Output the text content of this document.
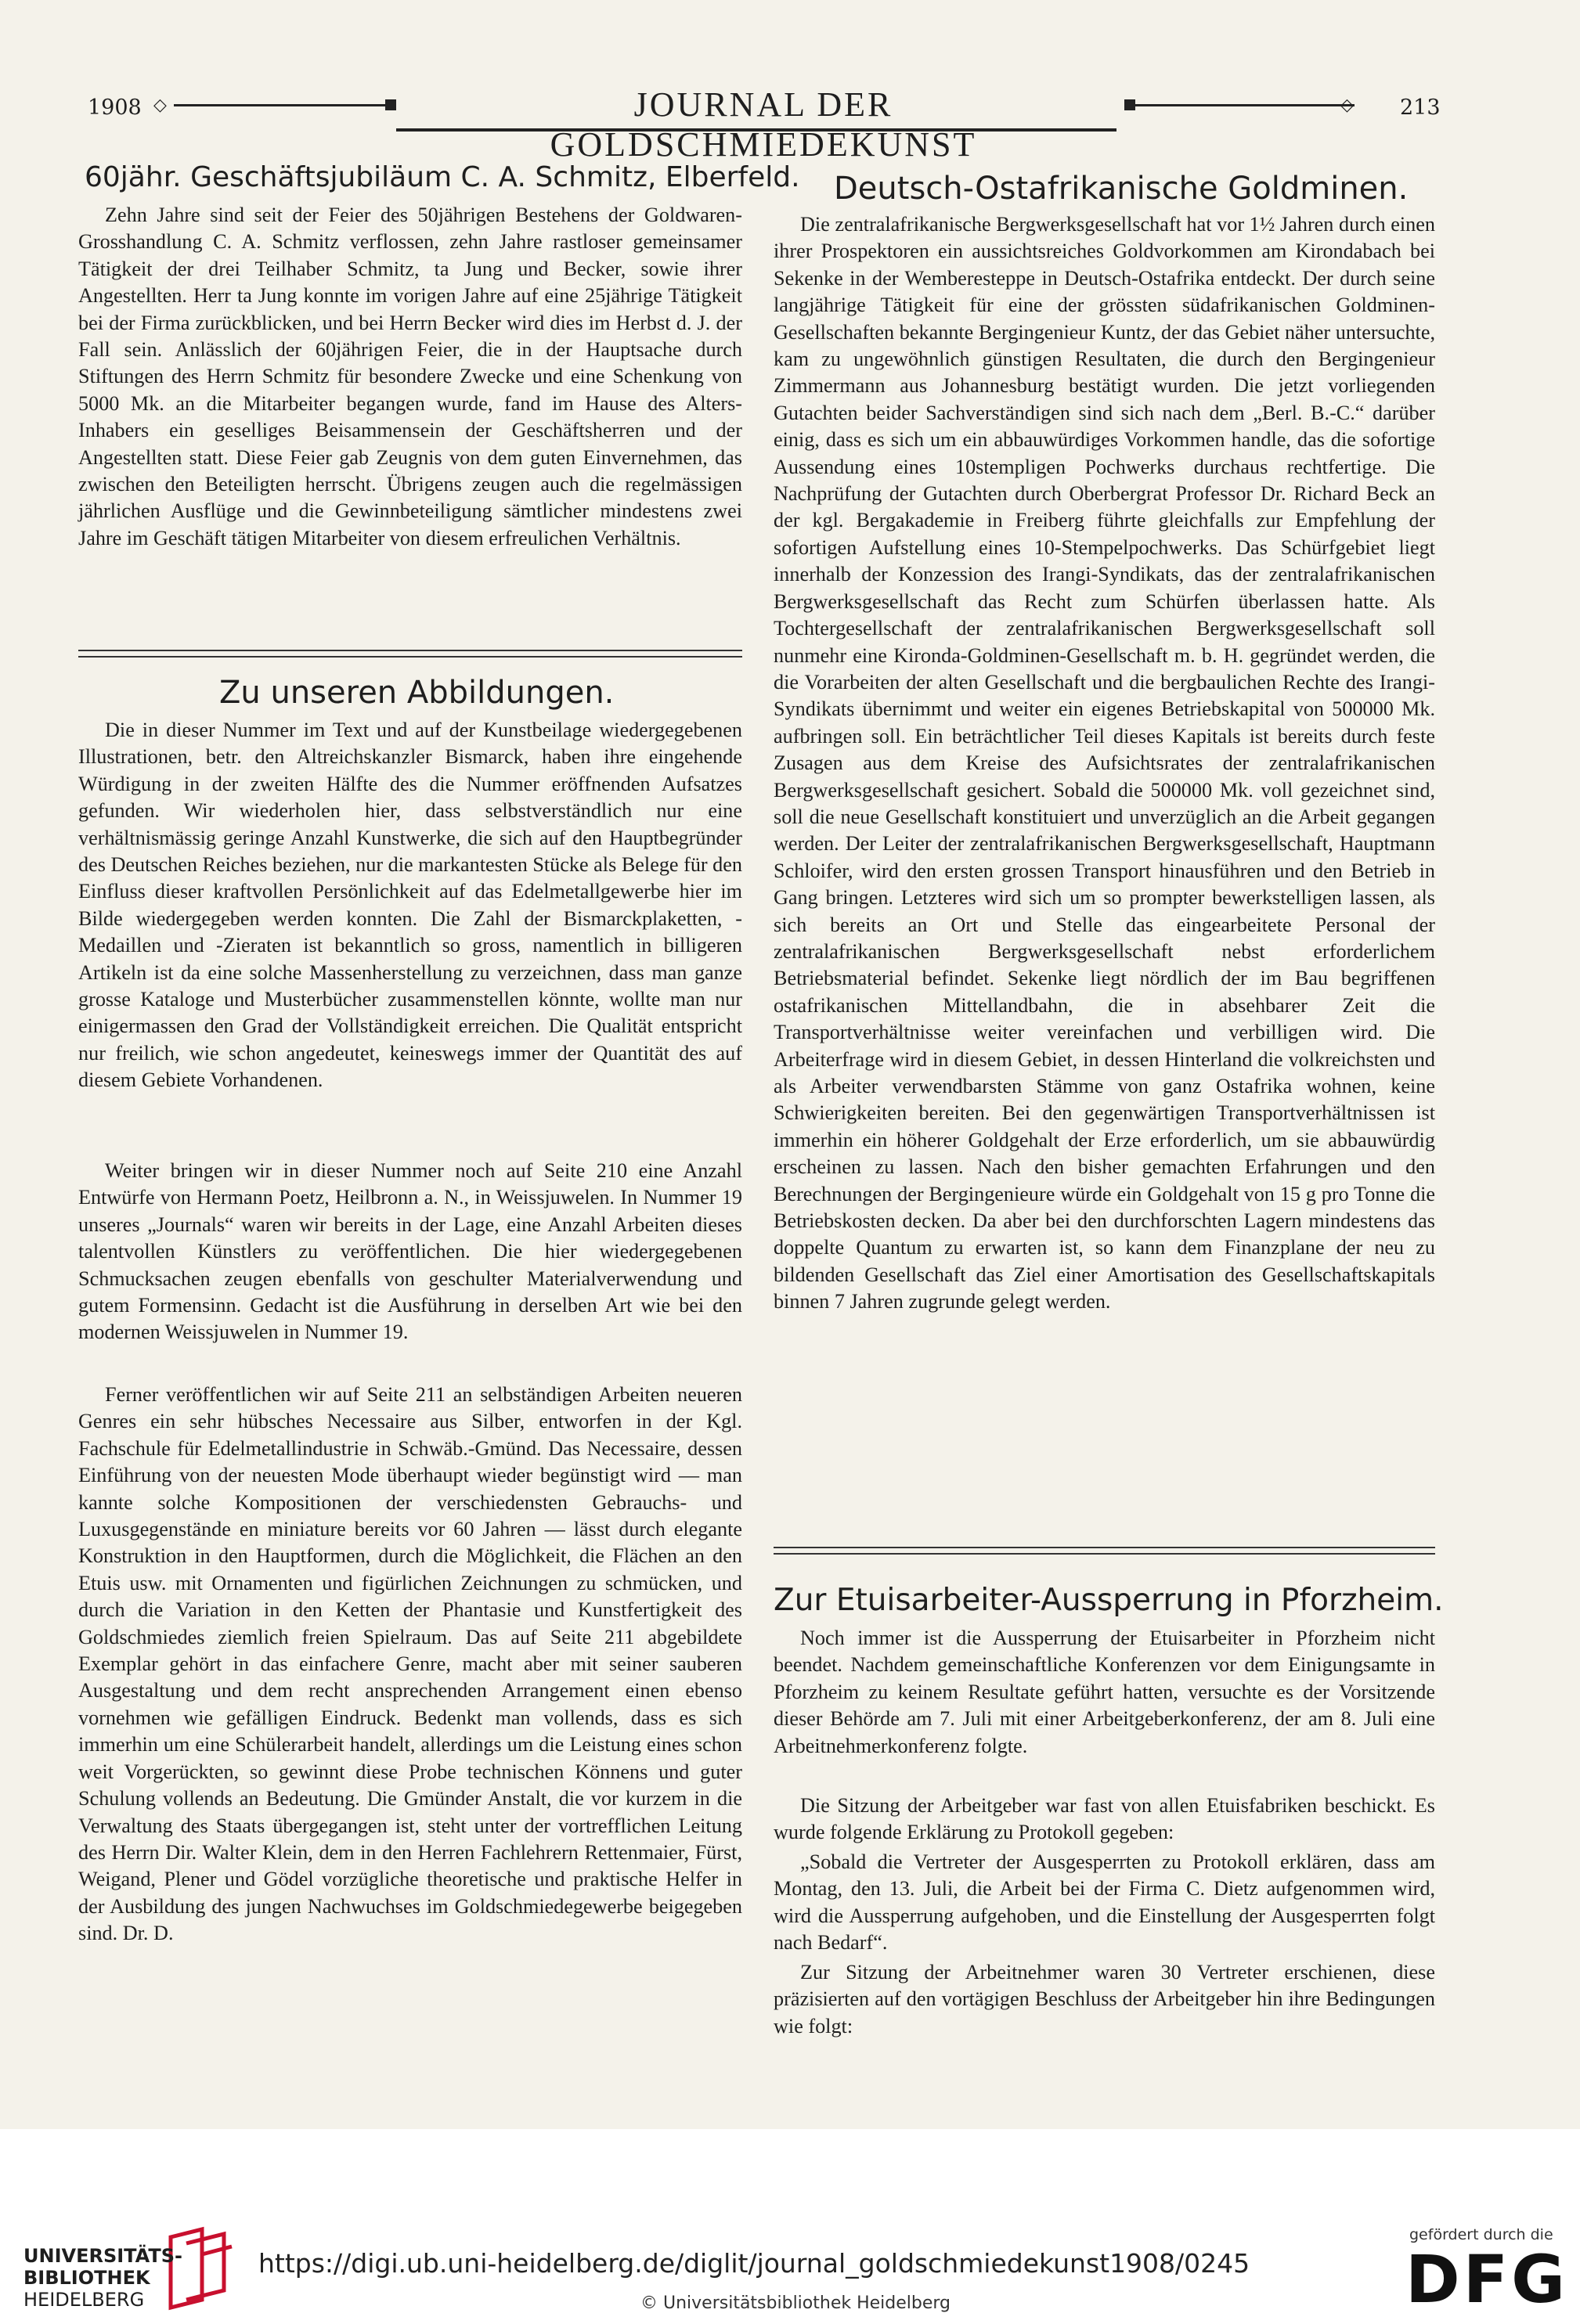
1908 ◇	JOURNAL DER GOLDSCHMIEDEKUNST
◇ 213
60jähr. Geschäftsjubiläum C. A. Schmitz, Elberfeld.
Zehn Jahre sind seit der Feier des 50jährigen Bestehens der Goldwaren-Grosshandlung C. A. Schmitz verflossen, zehn Jahre rastloser gemeinsamer Tätigkeit der drei Teilhaber Schmitz, ta Jung und Becker, sowie ihrer Angestellten. Herr ta Jung konnte im vorigen Jahre auf eine 25jährige Tätigkeit bei der Firma zurückblicken, und bei Herrn Becker wird dies im Herbst d. J. der Fall sein. Anlässlich der 60jährigen Feier, die in der Hauptsache durch Stiftungen des Herrn Schmitz für besondere Zwecke und eine Schenkung von 5000 Mk. an die Mitarbeiter begangen wurde, fand im Hause des Alters-Inhabers ein geselliges Beisammensein der Geschäftsherren und der Angestellten statt. Diese Feier gab Zeugnis von dem guten Einvernehmen, das zwischen den Beteiligten herrscht. Übrigens zeugen auch die regelmässigen jährlichen Ausflüge und die Gewinnbeteiligung sämtlicher mindestens zwei Jahre im Geschäft tätigen Mitarbeiter von diesem erfreulichen Verhältnis.
Zu unseren Abbildungen.
Die in dieser Nummer im Text und auf der Kunstbeilage wiedergegebenen Illustrationen, betr. den Altreichskanzler Bismarck, haben ihre eingehende Würdigung in der zweiten Hälfte des die Nummer eröffnenden Aufsatzes gefunden. Wir wiederholen hier, dass selbstverständlich nur eine verhältnismässig geringe Anzahl Kunstwerke, die sich auf den Hauptbegründer des Deutschen Reiches beziehen, nur die markantesten Stücke als Belege für den Einfluss dieser kraftvollen Persönlichkeit auf das Edelmetallgewerbe hier im Bilde wiedergegeben werden konnten. Die Zahl der Bismarckplaketten, -Medaillen und -Zieraten ist bekanntlich so gross, namentlich in billigeren Artikeln ist da eine solche Massenherstellung zu verzeichnen, dass man ganze grosse Kataloge und Musterbücher zusammenstellen könnte, wollte man nur einigermassen den Grad der Vollständigkeit erreichen. Die Qualität entspricht nur freilich, wie schon angedeutet, keineswegs immer der Quantität des auf diesem Gebiete Vorhandenen.
Weiter bringen wir in dieser Nummer noch auf Seite 210 eine Anzahl Entwürfe von Hermann Poetz, Heilbronn a. N., in Weissjuwelen. In Nummer 19 unseres „Journals“ waren wir bereits in der Lage, eine Anzahl Arbeiten dieses talentvollen Künstlers zu veröffentlichen. Die hier wiedergegebenen Schmucksachen zeugen ebenfalls von geschulter Materialverwendung und gutem Formensinn. Gedacht ist die Ausführung in derselben Art wie bei den modernen Weissjuwelen in Nummer 19.
Ferner veröffentlichen wir auf Seite 211 an selbständigen Arbeiten neueren Genres ein sehr hübsches Necessaire aus Silber, entworfen in der Kgl. Fachschule für Edelmetallindustrie in Schwäb.-Gmünd. Das Necessaire, dessen Einführung von der neuesten Mode überhaupt wieder begünstigt wird — man kannte solche Kompositionen der verschiedensten Gebrauchs- und Luxusgegenstände en miniature bereits vor 60 Jahren — lässt durch elegante Konstruktion in den Hauptformen, durch die Möglichkeit, die Flächen an den Etuis usw. mit Ornamenten und figürlichen Zeichnungen zu schmücken, und durch die Variation in den Ketten der Phantasie und Kunstfertigkeit des Goldschmiedes ziemlich freien Spielraum. Das auf Seite 211 abgebildete Exemplar gehört in das einfachere Genre, macht aber mit seiner sauberen Ausgestaltung und dem recht ansprechenden Arrangement einen ebenso vornehmen wie gefälligen Eindruck. Bedenkt man vollends, dass es sich immerhin um eine Schülerarbeit handelt, allerdings um die Leistung eines schon weit Vorgerückten, so gewinnt diese Probe technischen Könnens und guter Schulung vollends an Bedeutung. Die Gmünder Anstalt, die vor kurzem in die Verwaltung des Staats übergegangen ist, steht unter der vortrefflichen Leitung des Herrn Dir. Walter Klein, dem in den Herren Fachlehrern Rettenmaier, Fürst, Weigand, Plener und Gödel vorzügliche theoretische und praktische Helfer in der Ausbildung des jungen Nachwuchses im Goldschmiedegewerbe beigegeben sind. Dr. D.
Deutsch-Ostafrikanische Goldminen.
Die zentralafrikanische Bergwerksgesellschaft hat vor 1½ Jahren durch einen ihrer Prospektoren ein aussichtsreiches Goldvorkommen am Kirondabach bei Sekenke in der Wemberesteppe in Deutsch-Ostafrika entdeckt. Der durch seine langjährige Tätigkeit für eine der grössten südafrikanischen Goldminen-Gesellschaften bekannte Bergingenieur Kuntz, der das Gebiet näher untersuchte, kam zu ungewöhnlich günstigen Resultaten, die durch den Bergingenieur Zimmermann aus Johannesburg bestätigt wurden. Die jetzt vorliegenden Gutachten beider Sachverständigen sind sich nach dem „Berl. B.-C.“ darüber einig, dass es sich um ein abbauwürdiges Vorkommen handle, das die sofortige Aussendung eines 10stempligen Pochwerks durchaus rechtfertige. Die Nachprüfung der Gutachten durch Oberbergrat Professor Dr. Richard Beck an der kgl. Bergakademie in Freiberg führte gleichfalls zur Empfehlung der sofortigen Aufstellung eines 10-Stempelpochwerks. Das Schürfgebiet liegt innerhalb der Konzession des Irangi-Syndikats, das der zentralafrikanischen Bergwerksgesellschaft das Recht zum Schürfen überlassen hatte. Als Tochtergesellschaft der zentralafrikanischen Bergwerksgesellschaft soll nunmehr eine Kironda-Goldminen-Gesellschaft m. b. H. gegründet werden, die die Vorarbeiten der alten Gesellschaft und die bergbaulichen Rechte des Irangi-Syndikats übernimmt und weiter ein eigenes Betriebskapital von 500000 Mk. aufbringen soll. Ein beträchtlicher Teil dieses Kapitals ist bereits durch feste Zusagen aus dem Kreise des Aufsichtsrates der zentralafrikanischen Bergwerksgesellschaft gesichert. Sobald die 500000 Mk. voll gezeichnet sind, soll die neue Gesellschaft konstituiert und unverzüglich an die Arbeit gegangen werden. Der Leiter der zentralafrikanischen Bergwerksgesellschaft, Hauptmann Schloifer, wird den ersten grossen Transport hinausführen und den Betrieb in Gang bringen. Letzteres wird sich um so prompter bewerkstelligen lassen, als sich bereits an Ort und Stelle das eingearbeitete Personal der zentralafrikanischen Bergwerksgesellschaft nebst erforderlichem Betriebsmaterial befindet. Sekenke liegt nördlich der im Bau begriffenen ostafrikanischen Mittellandbahn, die in absehbarer Zeit die Transportverhältnisse weiter vereinfachen und verbilligen wird. Die Arbeiterfrage wird in diesem Gebiet, in dessen Hinterland die volkreichsten und als Arbeiter verwendbarsten Stämme von ganz Ostafrika wohnen, keine Schwierigkeiten bereiten. Bei den gegenwärtigen Transportverhältnissen ist immerhin ein höherer Goldgehalt der Erze erforderlich, um sie abbauwürdig erscheinen zu lassen. Nach den bisher gemachten Erfahrungen und den Berechnungen der Bergingenieure würde ein Goldgehalt von 15 g pro Tonne die Betriebskosten decken. Da aber bei den durchforschten Lagern mindestens das doppelte Quantum zu erwarten ist, so kann dem Finanzplane der neu zu bildenden Gesellschaft das Ziel einer Amortisation des Gesellschaftskapitals binnen 7 Jahren zugrunde gelegt werden.
Zur Etuisarbeiter-Aussperrung in Pforzheim.
Noch immer ist die Aussperrung der Etuisarbeiter in Pforzheim nicht beendet. Nachdem gemeinschaftliche Konferenzen vor dem Einigungsamte in Pforzheim zu keinem Resultate geführt hatten, versuchte es der Vorsitzende dieser Behörde am 7. Juli mit einer Arbeitgeberkonferenz, der am 8. Juli eine Arbeitnehmerkonferenz folgte.
Die Sitzung der Arbeitgeber war fast von allen Etuisfabriken beschickt. Es wurde folgende Erklärung zu Protokoll gegeben:
„Sobald die Vertreter der Ausgesperrten zu Protokoll erklären, dass am Montag, den 13. Juli, die Arbeit bei der Firma C. Dietz aufgenommen wird, wird die Aussperrung aufgehoben, und die Einstellung der Ausgesperrten folgt nach Bedarf“.
Zur Sitzung der Arbeitnehmer waren 30 Vertreter erschienen, diese präzisierten auf den vortägigen Beschluss der Arbeitgeber hin ihre Bedingungen wie folgt:
UNIVERSITÄTS-
BIBLIOTHEK
HEIDELBERG
https://digi.ub.uni-heidelberg.de/diglit/journal_goldschmiedekunst1908/0245
© Universitätsbibliothek Heidelberg
gefördert durch die
DFG
